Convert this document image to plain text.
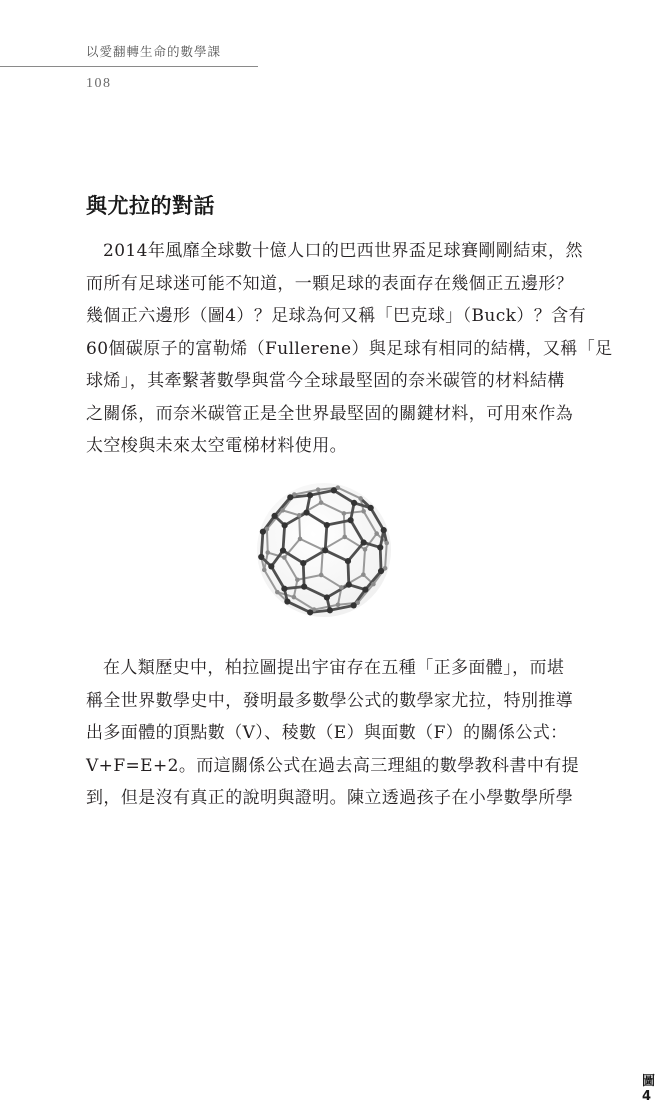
以愛翻轉生命的數學課
108
與尤拉的對話

2014年風靡全球數十億人口的巴西世界盃足球賽剛剛結束，然
而所有足球迷可能不知道，一顆足球的表面存在幾個正五邊形？
幾個正六邊形（圖4）？足球為何又稱「巴克球」（Buck）？含有
60個碳原子的富勒烯（Fullerene）與足球有相同的結構，又稱「足
球烯」，其牽繫著數學與當今全球最堅固的奈米碳管的材料結構
之關係，而奈米碳管正是全世界最堅固的關鍵材料，可用來作為
太空梭與未來太空電梯材料使用。

圖4

在人類歷史中，柏拉圖提出宇宙存在五種「正多面體」，而堪
稱全世界數學史中，發明最多數學公式的數學家尤拉，特別推導
出多面體的頂點數（V）、稜數（E）與面數（F）的關係公式：
V+F=E+2。而這關係公式在過去高三理組的數學教科書中有提
到，但是沒有真正的說明與證明。陳立透過孩子在小學數學所學
